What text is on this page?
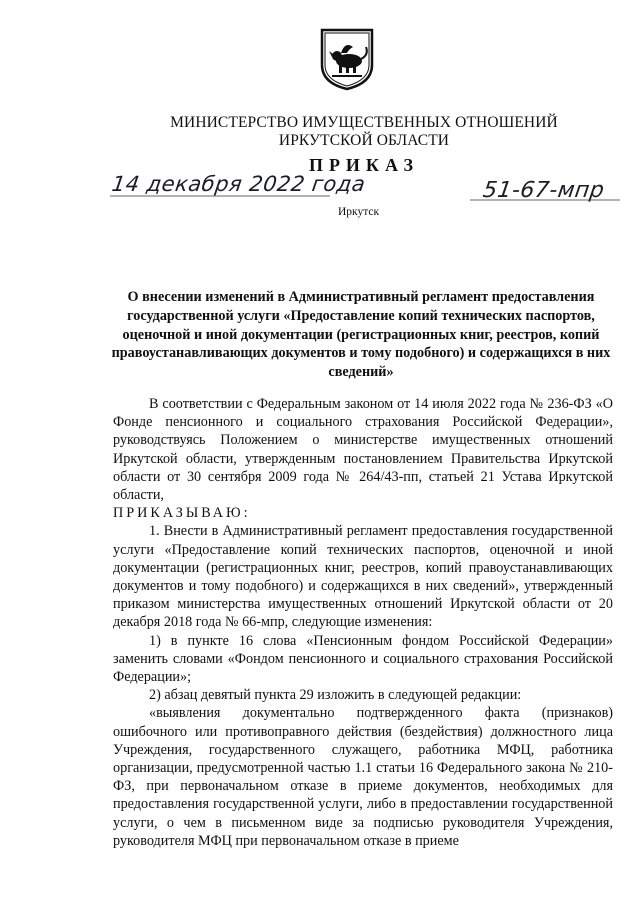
МИНИСТЕРСТВО ИМУЩЕСТВЕННЫХ ОТНОШЕНИЙ
ИРКУТСКОЙ ОБЛАСТИ
ПРИКАЗ
14 декабря 2022 года	51-67-мпр
Иркутск
О внесении изменений в Административный регламент предоставления государственной услуги «Предоставление копий технических паспортов, оценочной и иной документации (регистрационных книг, реестров, копий правоустанавливающих документов и тому подобного) и содержащихся в них сведений»

В соответствии с Федеральным законом от 14 июля 2022 года № 236-ФЗ «О Фонде пенсионного и социального страхования Российской Федерации», руководствуясь Положением о министерстве имущественных отношений Иркутской области, утвержденным постановлением Правительства Иркутской области от 30 сентября 2009 года № 264/43-пп, статьей 21 Устава Иркутской области,

ПРИКАЗЫВАЮ:

1. Внести в Административный регламент предоставления государственной услуги «Предоставление копий технических паспортов, оценочной и иной документации (регистрационных книг, реестров, копий правоустанавливающих документов и тому подобного) и содержащихся в них сведений», утвержденный приказом министерства имущественных отношений Иркутской области от 20 декабря 2018 года № 66-мпр, следующие изменения:

1) в пункте 16 слова «Пенсионным фондом Российской Федерации» заменить словами «Фондом пенсионного и социального страхования Российской Федерации»;

2) абзац девятый пункта 29 изложить в следующей редакции:

«выявления документально подтвержденного факта (признаков) ошибочного или противоправного действия (бездействия) должностного лица Учреждения, государственного служащего, работника МФЦ, работника организации, предусмотренной частью 1.1 статьи 16 Федерального закона № 210-ФЗ, при первоначальном отказе в приеме документов, необходимых для предоставления государственной услуги, либо в предоставлении государственной услуги, о чем в письменном виде за подписью руководителя Учреждения, руководителя МФЦ при первоначальном отказе в приеме
